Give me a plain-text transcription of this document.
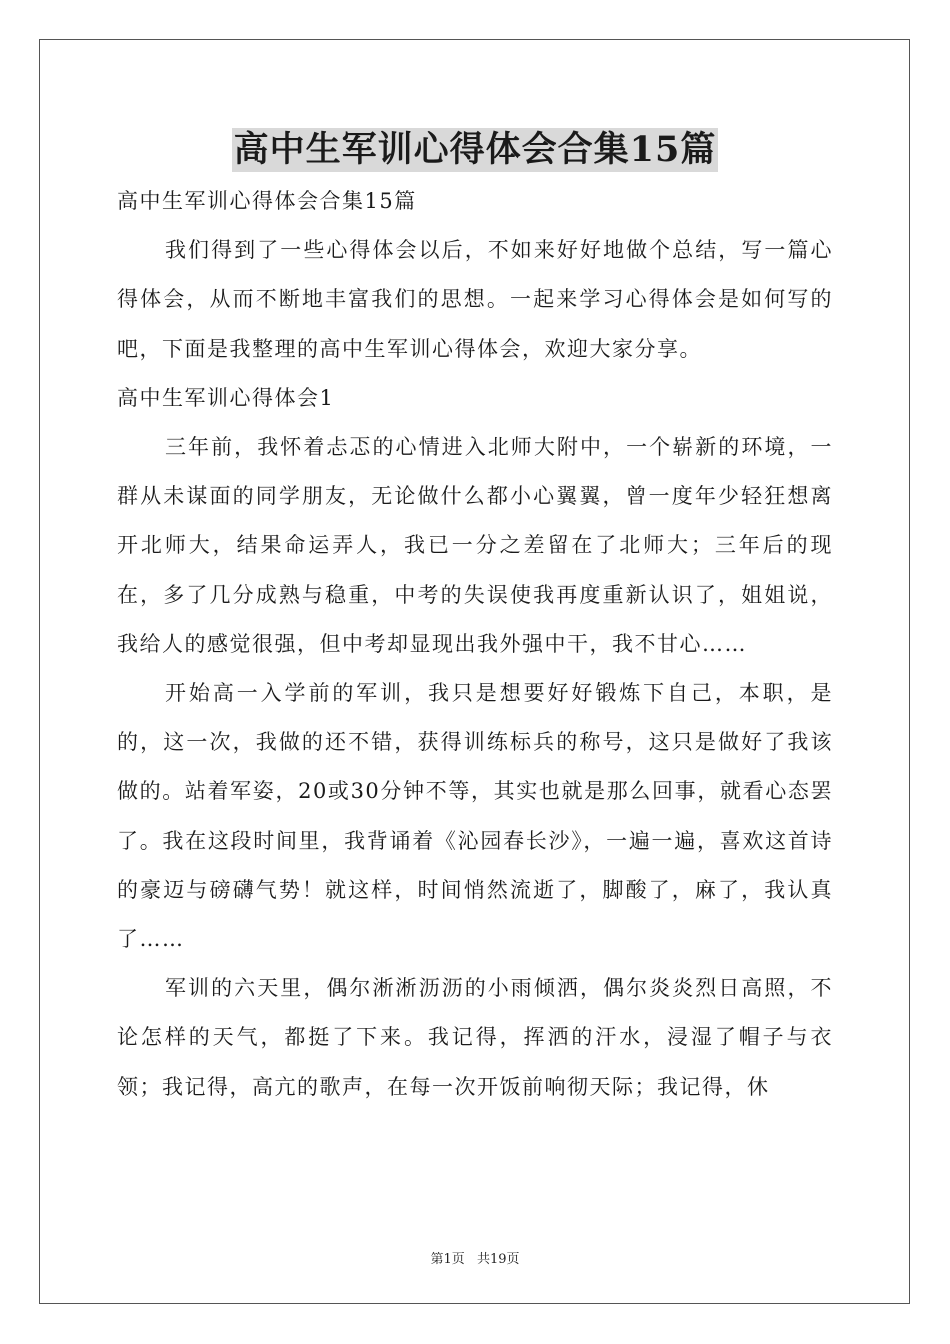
高中生军训心得体会合集15篇

高中生军训心得体会合集15篇

我们得到了一些心得体会以后，不如来好好地做个总结，写一篇心得体会，从而不断地丰富我们的思想。一起来学习心得体会是如何写的吧，下面是我整理的高中生军训心得体会，欢迎大家分享。

高中生军训心得体会1

三年前，我怀着忐忑的心情进入北师大附中，一个崭新的环境，一群从未谋面的同学朋友，无论做什么都小心翼翼，曾一度年少轻狂想离开北师大，结果命运弄人，我已一分之差留在了北师大；三年后的现在，多了几分成熟与稳重，中考的失误使我再度重新认识了，姐姐说，我给人的感觉很强，但中考却显现出我外强中干，我不甘心……

开始高一入学前的军训，我只是想要好好锻炼下自己，本职，是的，这一次，我做的还不错，获得训练标兵的称号，这只是做好了我该做的。站着军姿，20或30分钟不等，其实也就是那么回事，就看心态罢了。我在这段时间里，我背诵着《沁园春长沙》，一遍一遍，喜欢这首诗的豪迈与磅礴气势！就这样，时间悄然流逝了，脚酸了，麻了，我认真了……

军训的六天里，偶尔淅淅沥沥的小雨倾洒，偶尔炎炎烈日高照，不论怎样的天气，都挺了下来。我记得，挥洒的汗水，浸湿了帽子与衣领；我记得，高亢的歌声，在每一次开饭前响彻天际；我记得，休

第1页 共19页
